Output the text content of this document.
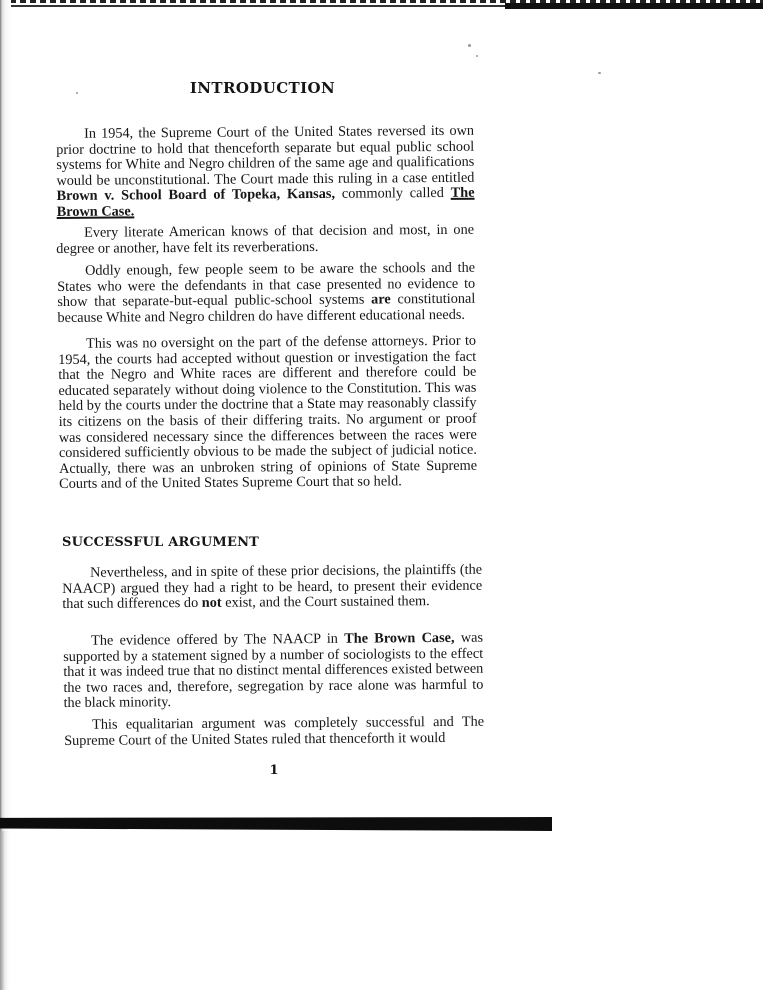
INTRODUCTION

In 1954, the Supreme Court of the United States reversed its own prior doctrine to hold that thenceforth separate but equal public school systems for White and Negro children of the same age and qualifications would be unconstitutional. The Court made this ruling in a case entitled Brown v. School Board of Topeka, Kansas, commonly called The Brown Case.

Every literate American knows of that decision and most, in one degree or another, have felt its reverberations.

Oddly enough, few people seem to be aware the schools and the States who were the defendants in that case presented no evidence to show that separate-but-equal public-school systems are constitutional because White and Negro children do have different educational needs.

This was no oversight on the part of the defense attorneys. Prior to 1954, the courts had accepted without question or investigation the fact that the Negro and White races are different and therefore could be educated separately without doing violence to the Constitution. This was held by the courts under the doctrine that a State may reasonably classify its citizens on the basis of their differing traits. No argument or proof was considered necessary since the differences between the races were considered sufficiently obvious to be made the subject of judicial notice. Actually, there was an unbroken string of opinions of State Supreme Courts and of the United States Supreme Court that so held.

SUCCESSFUL ARGUMENT

Nevertheless, and in spite of these prior decisions, the plaintiffs (the NAACP) argued they had a right to be heard, to present their evidence that such differences do not exist, and the Court sustained them.

The evidence offered by The NAACP in The Brown Case, was supported by a statement signed by a number of sociologists to the effect that it was indeed true that no distinct mental differences existed between the two races and, therefore, segregation by race alone was harmful to the black minority.

This equalitarian argument was completely successful and The Supreme Court of the United States ruled that thenceforth it would

1
